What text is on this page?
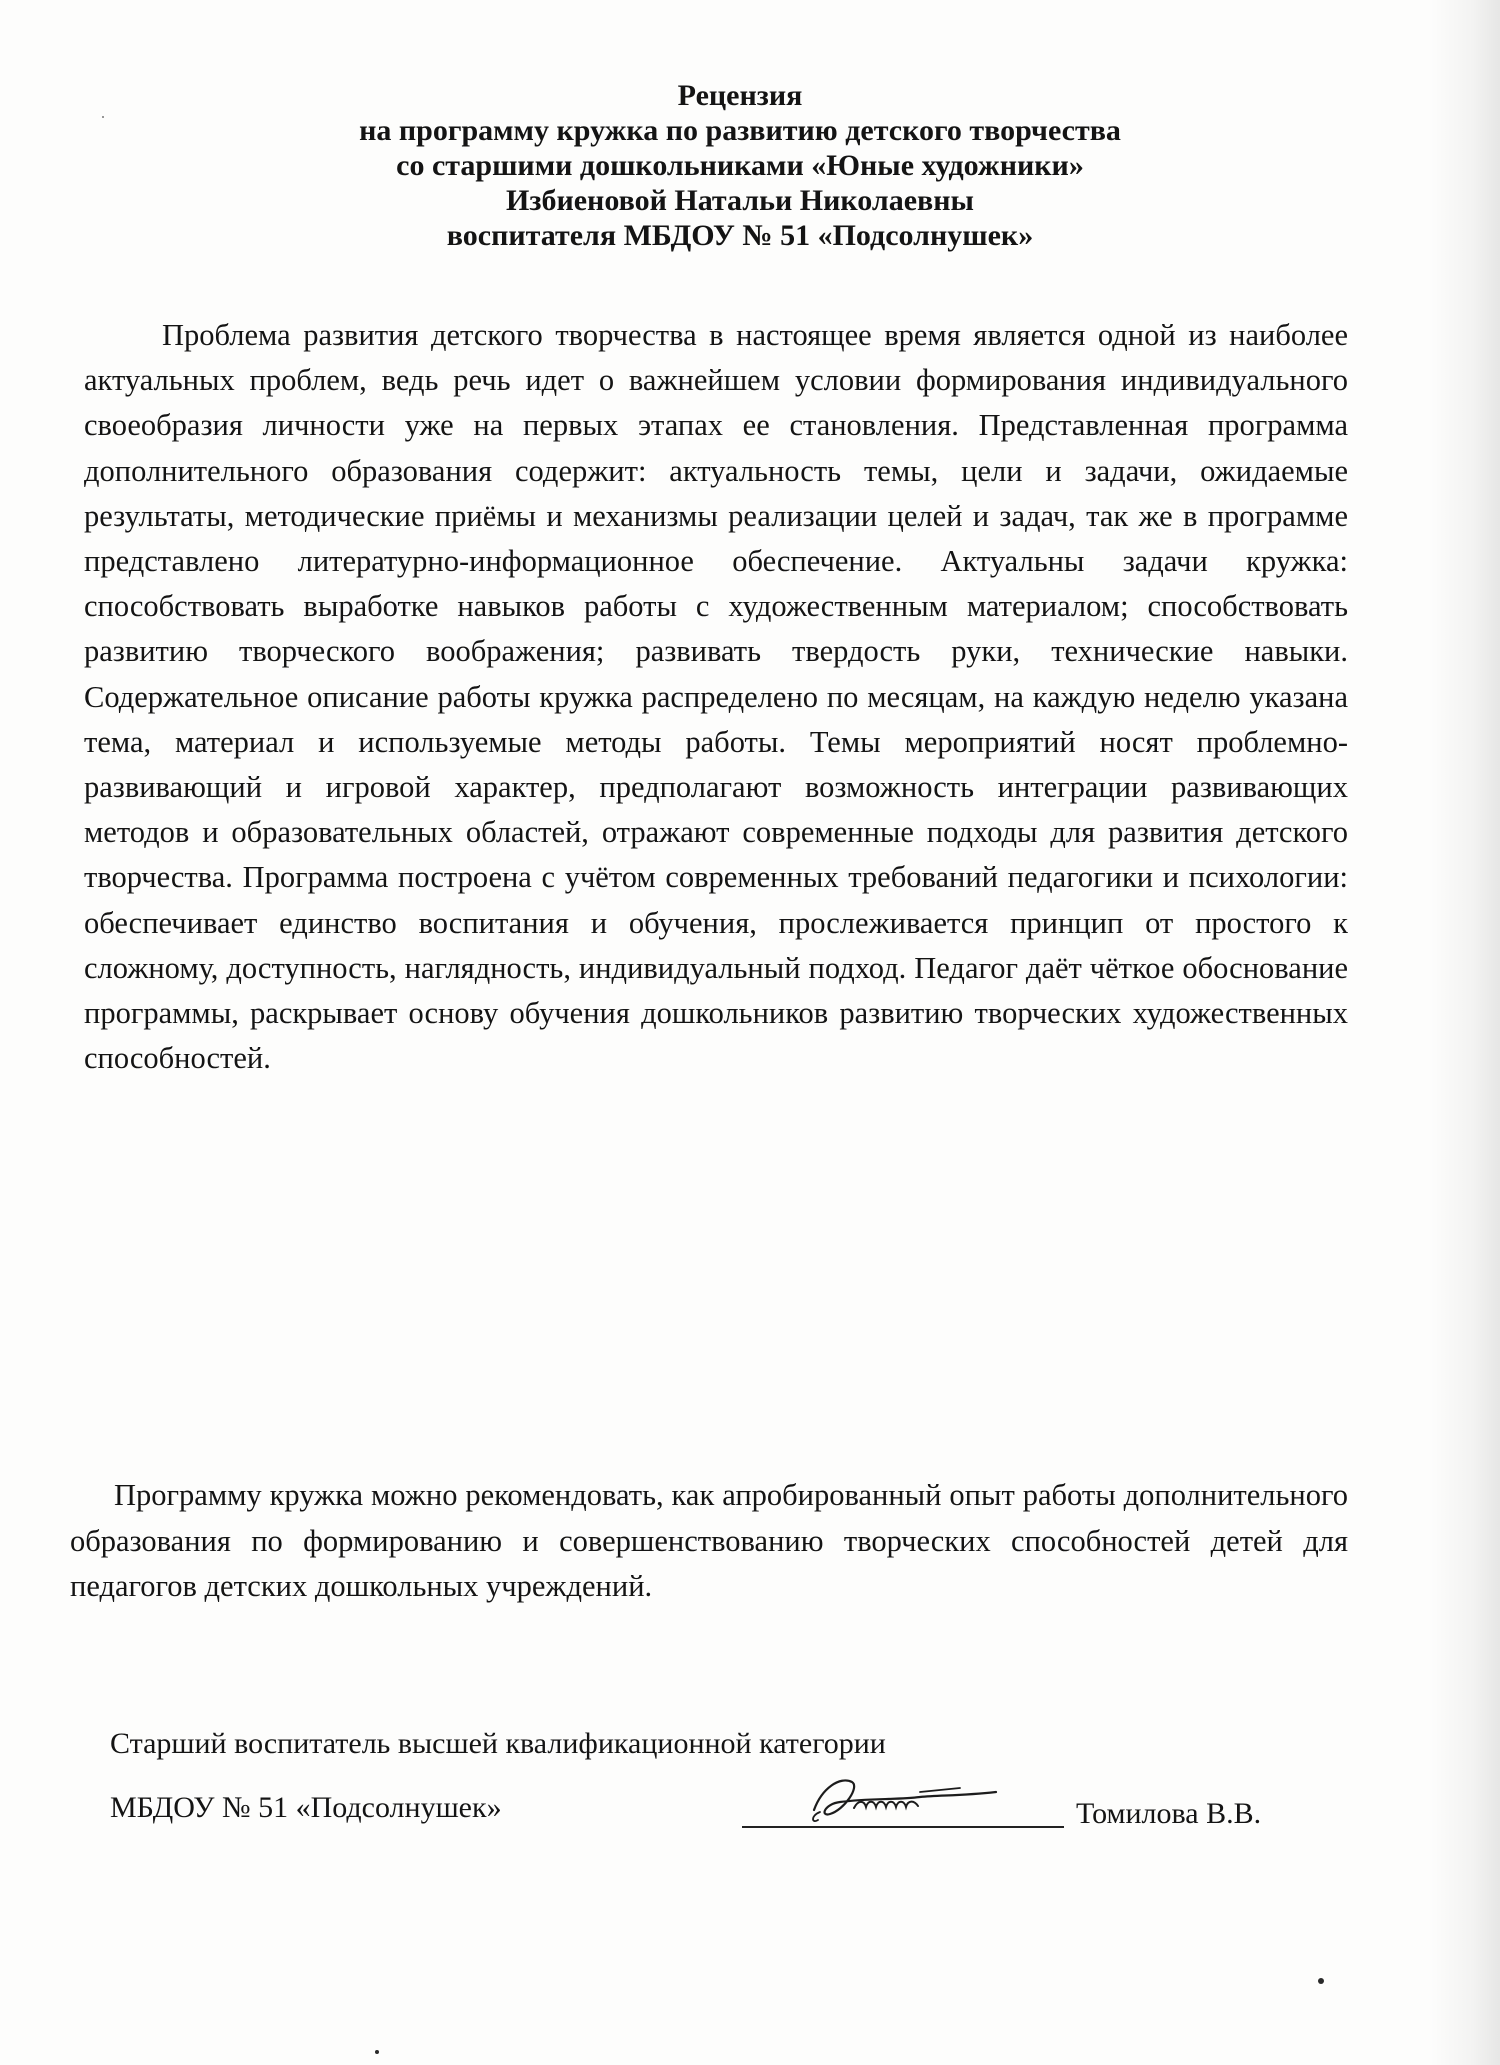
Рецензия
на программу кружка по развитию детского творчества
со старшими дошкольниками «Юные художники»
Избиеновой Натальи Николаевны
воспитателя МБДОУ № 51 «Подсолнушек»

Проблема развития детского творчества в настоящее время является одной из наиболее актуальных проблем, ведь речь идет о важнейшем условии формирования индивидуального своеобразия личности уже на первых этапах ее становления. Представленная программа дополнительного образования содержит: актуальность темы, цели и задачи, ожидаемые результаты, методические приёмы и механизмы реализации целей и задач, так же в программе представлено литературно-информационное обеспечение. Актуальны задачи кружка: способствовать выработке навыков работы с художественным материалом; способствовать развитию творческого воображения; развивать твердость руки, технические навыки. Содержательное описание работы кружка распределено по месяцам, на каждую неделю указана тема, материал и используемые методы работы. Темы мероприятий носят проблемно-развивающий и игровой характер, предполагают возможность интеграции развивающих методов и образовательных областей, отражают современные подходы для развития детского творчества. Программа построена с учётом современных требований педагогики и психологии: обеспечивает единство воспитания и обучения, прослеживается принцип от простого к сложному, доступность, наглядность, индивидуальный подход. Педагог даёт чёткое обоснование программы, раскрывает основу обучения дошкольников развитию творческих художественных способностей.

Программу кружка можно рекомендовать, как апробированный опыт работы дополнительного образования по формированию и совершенствованию творческих способностей детей для педагогов детских дошкольных учреждений.

Старший воспитатель высшей квалификационной категории
МБДОУ № 51 «Подсолнушек»	Томилова В.В.
